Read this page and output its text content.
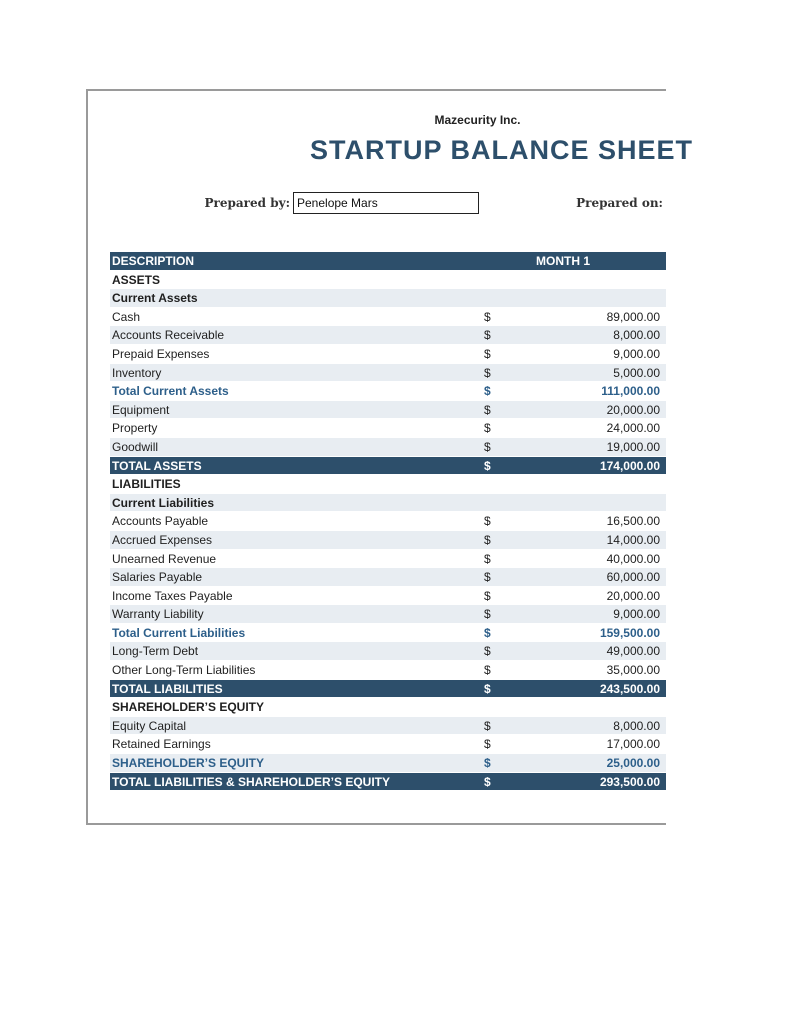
STARTUP BALANCE SHEET
Mazecurity Inc.
Prepared by:
Penelope Mars	Prepared on:
DESCRIPTION	MONTH 1
ASSETS
Current Assets
Cash	$	89,000.00
Accounts Receivable	$	8,000.00
Prepaid Expenses	$	9,000.00
Inventory	$	5,000.00
Total Current Assets	$	111,000.00
Equipment	$	20,000.00
Property	$	24,000.00
Goodwill	$	19,000.00
TOTAL ASSETS	$	174,000.00
LIABILITIES
Current Liabilities
Accounts Payable	$	16,500.00
Accrued Expenses	$	14,000.00
Unearned Revenue	$	40,000.00
Salaries Payable	$	60,000.00
Income Taxes Payable	$	20,000.00
Warranty Liability	$	9,000.00
Total Current Liabilities	$	159,500.00
Long-Term Debt	$	49,000.00
Other Long-Term Liabilities	$	35,000.00
TOTAL LIABILITIES	$	243,500.00
SHAREHOLDER’S EQUITY
Equity Capital	$	8,000.00
Retained Earnings	$	17,000.00
SHAREHOLDER’S EQUITY	$	25,000.00
TOTAL LIABILITIES & SHAREHOLDER’S EQUITY	$	293,500.00
